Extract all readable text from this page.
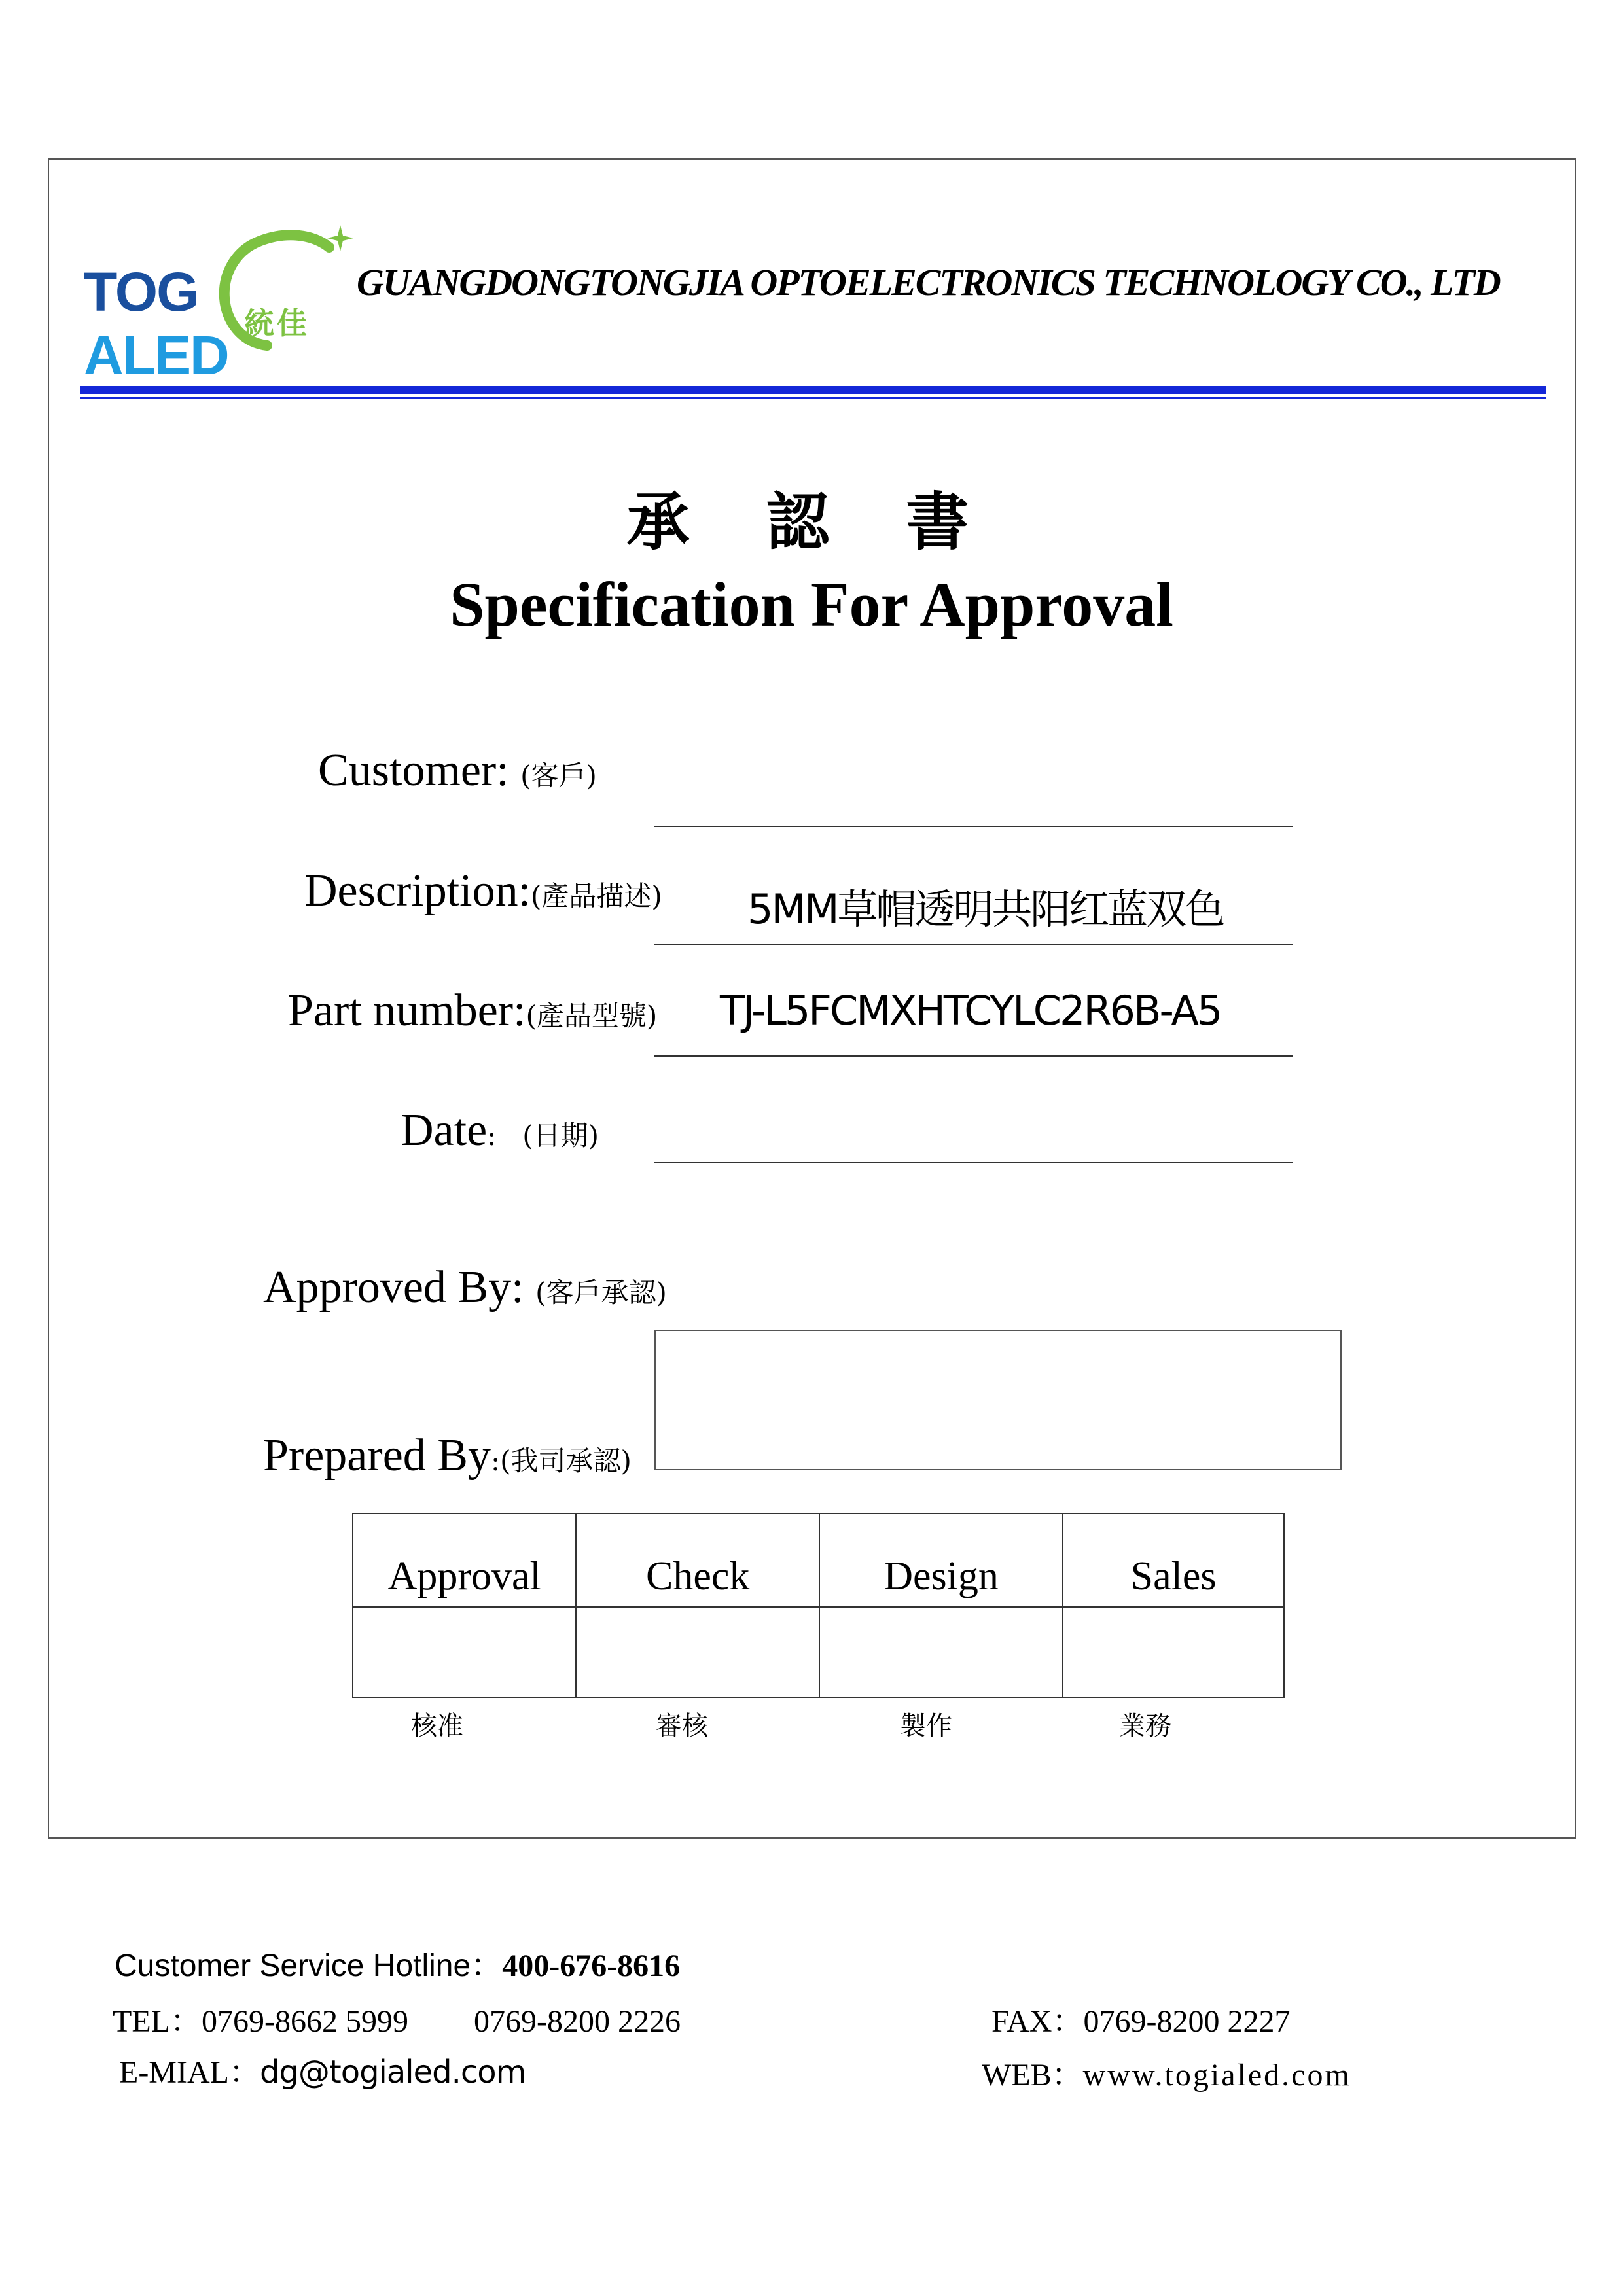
TOGALED
統佳
GUANGDONGTONGJIA OPTOELECTRONICS TECHNOLOGY CO., LTD
承 認 書
Specification For Approval
Customer: (客戶)
Description:(產品描述) 5MM草帽透明共阳红蓝双色
Part number:(產品型號) TJ-L5FCMXHTCYLC2R6B-A5
Date: (日期)
Approved By: (客戶承認)
Prepared By:(我司承認)
Approval	Check	Design	Sales

核准	審核	製作	業務
Customer Service Hotline：400-676-8616
TEL：0769-8662 5999 0769-8200 2226	FAX：0769-8200 2227
E-MIAL：dg@togialed.com	WEB：www.togialed.com
